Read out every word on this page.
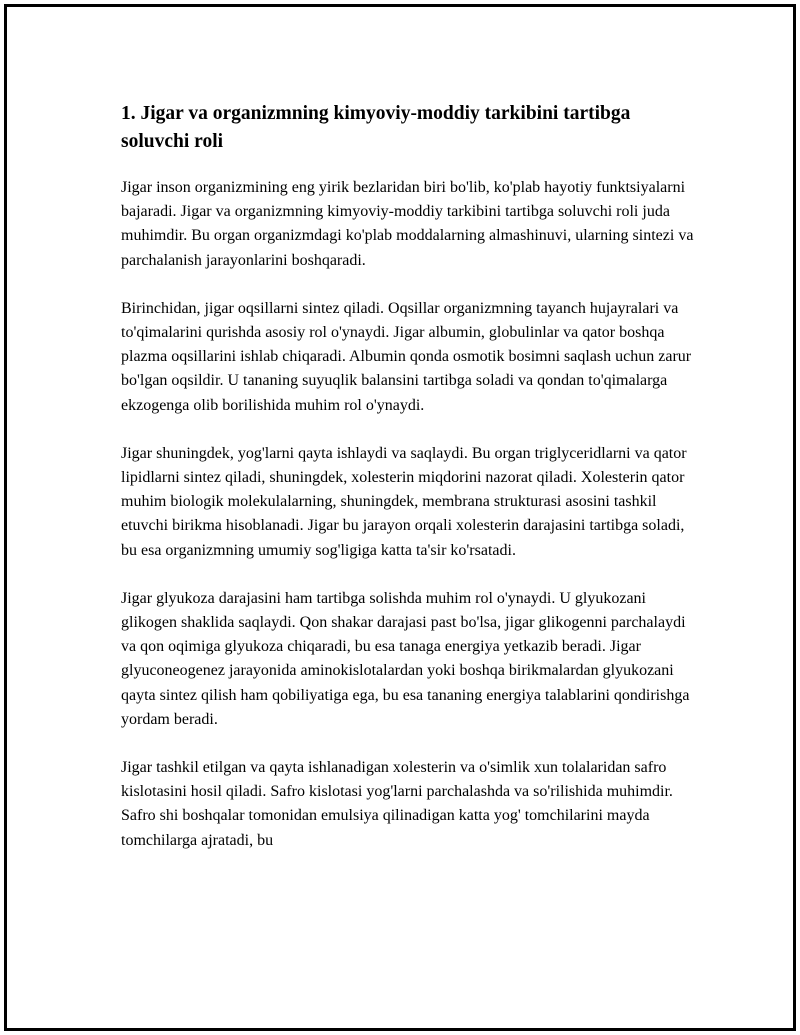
1. Jigar va organizmning kimyoviy-moddiy tarkibini tartibga soluvchi roli

Jigar inson organizmining eng yirik bezlaridan biri bo'lib, ko'plab hayotiy funktsiyalarni bajaradi. Jigar va organizmning kimyoviy-moddiy tarkibini tartibga soluvchi roli juda muhimdir. Bu organ organizmdagi ko'plab moddalarning almashinuvi, ularning sintezi va parchalanish jarayonlarini boshqaradi.

Birinchidan, jigar oqsillarni sintez qiladi. Oqsillar organizmning tayanch hujayralari va to'qimalarini qurishda asosiy rol o'ynaydi. Jigar albumin, globulinlar va qator boshqa plazma oqsillarini ishlab chiqaradi. Albumin qonda osmotik bosimni saqlash uchun zarur bo'lgan oqsildir. U tananing suyuqlik balansini tartibga soladi va qondan to'qimalarga ekzogenga olib borilishida muhim rol o'ynaydi.

Jigar shuningdek, yog'larni qayta ishlaydi va saqlaydi. Bu organ triglyceridlarni va qator lipidlarni sintez qiladi, shuningdek, xolesterin miqdorini nazorat qiladi. Xolesterin qator muhim biologik molekulalarning, shuningdek, membrana strukturasi asosini tashkil etuvchi birikma hisoblanadi. Jigar bu jarayon orqali xolesterin darajasini tartibga soladi, bu esa organizmning umumiy sog'ligiga katta ta'sir ko'rsatadi.

Jigar glyukoza darajasini ham tartibga solishda muhim rol o'ynaydi. U glyukozani glikogen shaklida saqlaydi. Qon shakar darajasi past bo'lsa, jigar glikogenni parchalaydi va qon oqimiga glyukoza chiqaradi, bu esa tanaga energiya yetkazib beradi. Jigar glyuconeogenez jarayonida aminokislotalardan yoki boshqa birikmalardan glyukozani qayta sintez qilish ham qobiliyatiga ega, bu esa tananing energiya talablarini qondirishga yordam beradi.

Jigar tashkil etilgan va qayta ishlanadigan xolesterin va o'simlik xun tolalaridan safro kislotasini hosil qiladi. Safro kislotasi yog'larni parchalashda va so'rilishida muhimdir. Safro shi boshqalar tomonidan emulsiya qilinadigan katta yog' tomchilarini mayda tomchilarga ajratadi, bu
